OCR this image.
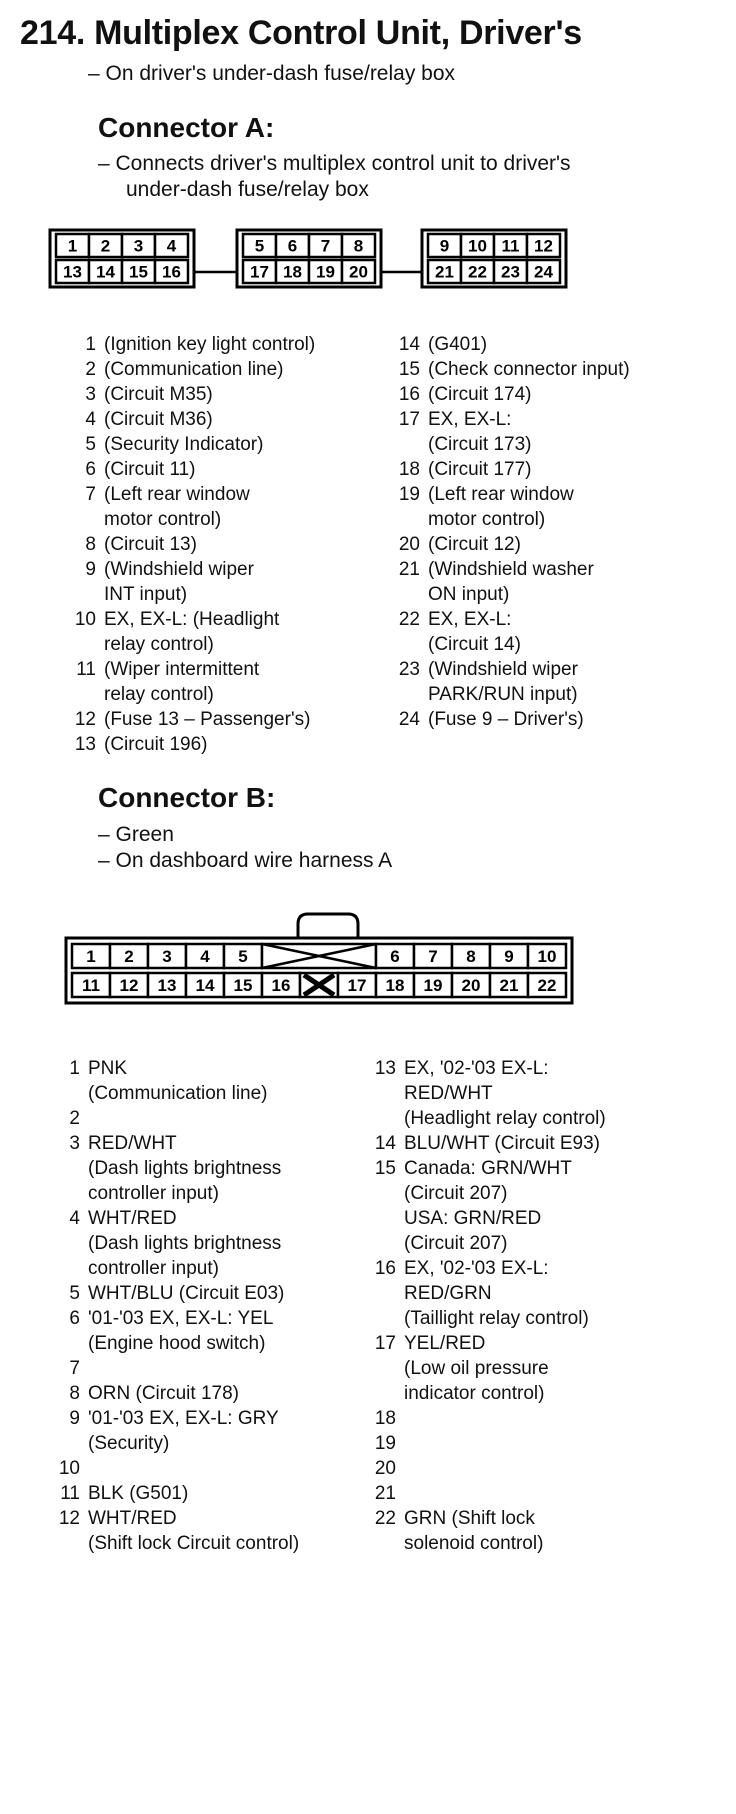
214. Multiplex Control Unit, Driver's
– On driver's under-dash fuse/relay box
Connector A:
– Connects driver's multiplex control unit to driver's
under-dash fuse/relay box
1
13
2
14
3
15
4
16
5
17
6
18
7
19
8
20
9
21
10
22
11
23
12
24
1 (Ignition key light control)
2 (Communication line)
3 (Circuit M35)
4 (Circuit M36)
5 (Security Indicator)
6 (Circuit 11)
7 (Left rear window
motor control)
8 (Circuit 13)
9 (Windshield wiper
INT input)
10 EX, EX-L: (Headlight
relay control)
11 (Wiper intermittent
relay control)
12 (Fuse 13 – Passenger's)
13 (Circuit 196)
14 (G401)
15 (Check connector input)
16 (Circuit 174)
17 EX, EX-L:
(Circuit 173)
18 (Circuit 177)
19 (Left rear window
motor control)
20 (Circuit 12)
21 (Windshield washer
ON input)
22 EX, EX-L:
(Circuit 14)
23 (Windshield wiper
PARK/RUN input)
24 (Fuse 9 – Driver's)
Connector B:
– Green
– On dashboard wire harness A
1 2 3 4 5	6 7 8 9 10
11 12 13 14 15 16	17 18 19 20 21 22
1 PNK
(Communication line)
2

3 RED/WHT
(Dash lights brightness
controller input)
4 WHT/RED
(Dash lights brightness
controller input)
5 WHT/BLU (Circuit E03)
6 '01-'03 EX, EX-L: YEL
(Engine hood switch)
7

8 ORN (Circuit 178)
9 '01-'03 EX, EX-L: GRY
(Security)
10

11 BLK (G501)
12 WHT/RED
(Shift lock Circuit control)
13 EX, '02-'03 EX-L:
RED/WHT
(Headlight relay control)
14 BLU/WHT (Circuit E93)
15 Canada: GRN/WHT
(Circuit 207)
USA: GRN/RED
(Circuit 207)
16 EX, '02-'03 EX-L:
RED/GRN
(Taillight relay control)
17 YEL/RED
(Low oil pressure
indicator control)
18

19

20

21

22 GRN (Shift lock
solenoid control)
